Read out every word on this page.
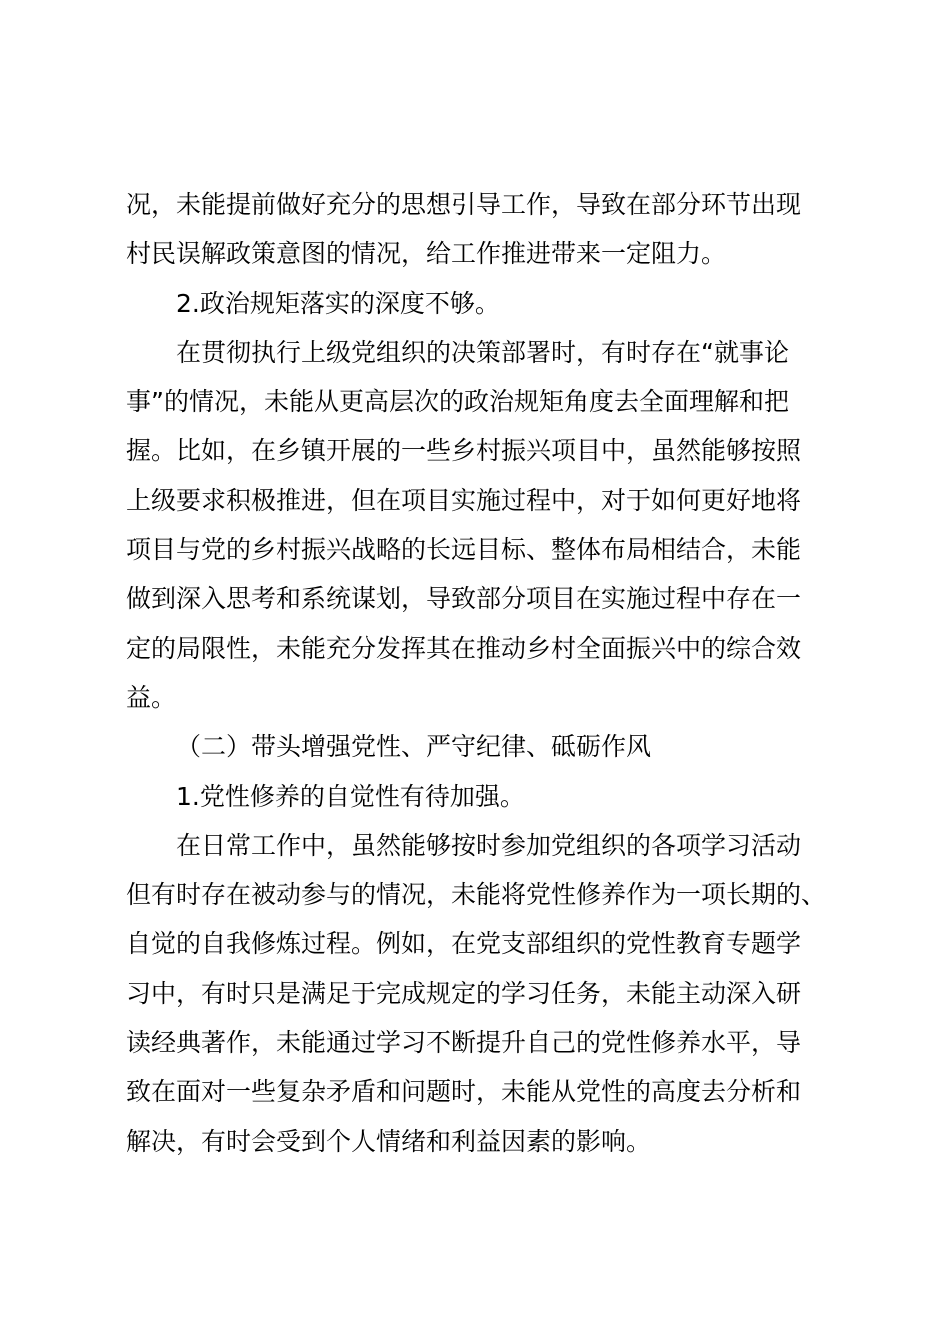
况，未能提前做好充分的思想引导工作，导致在部分环节出现
村民误解政策意图的情况，给工作推进带来一定阻力。
2.政治规矩落实的深度不够。
在贯彻执行上级党组织的决策部署时，有时存在“就事论
事”的情况，未能从更高层次的政治规矩角度去全面理解和把
握。比如，在乡镇开展的一些乡村振兴项目中，虽然能够按照
上级要求积极推进，但在项目实施过程中，对于如何更好地将
项目与党的乡村振兴战略的长远目标、整体布局相结合，未能
做到深入思考和系统谋划，导致部分项目在实施过程中存在一
定的局限性，未能充分发挥其在推动乡村全面振兴中的综合效
益。
（二）带头增强党性、严守纪律、砥砺作风
1.党性修养的自觉性有待加强。
在日常工作中，虽然能够按时参加党组织的各项学习活动
但有时存在被动参与的情况，未能将党性修养作为一项长期的、
自觉的自我修炼过程。例如，在党支部组织的党性教育专题学
习中，有时只是满足于完成规定的学习任务，未能主动深入研
读经典著作，未能通过学习不断提升自己的党性修养水平，导
致在面对一些复杂矛盾和问题时，未能从党性的高度去分析和
解决，有时会受到个人情绪和利益因素的影响。
